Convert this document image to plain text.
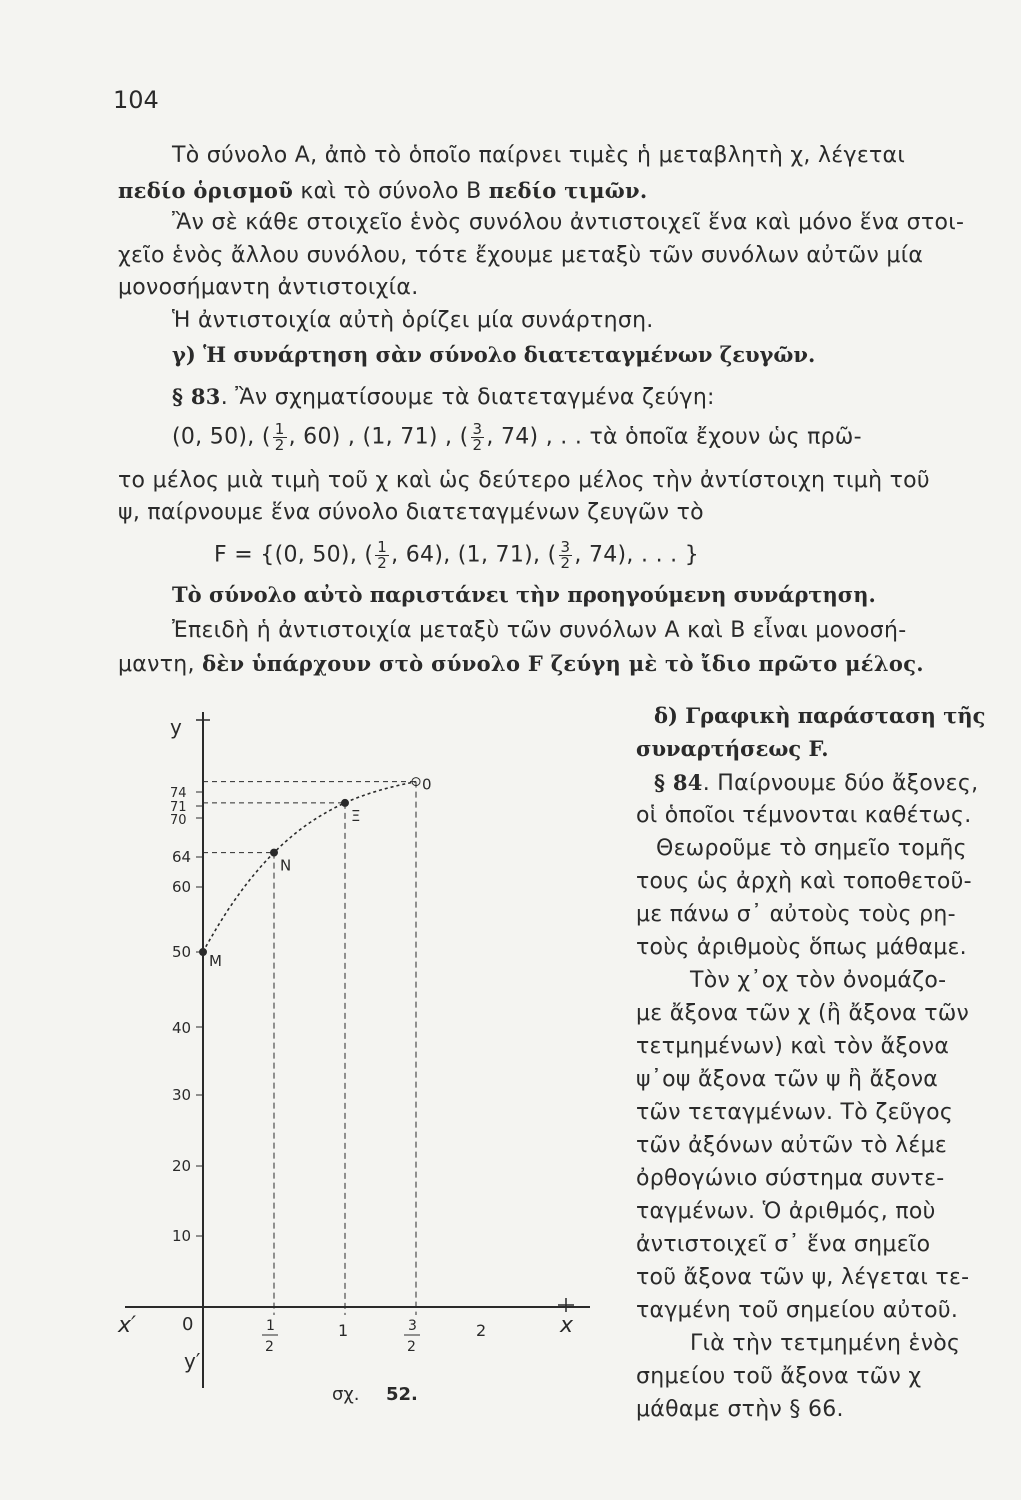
104
Τὸ σύνολο Α, ἀπὸ τὸ ὁποῖο παίρνει τιμὲς ἡ μεταβλητὴ χ, λέγεται
πεδίο ὁρισμοῦ καὶ τὸ σύνολο Β πεδίο τιμῶν.
Ἂν σὲ κάθε στοιχεῖο ἑνὸς συνόλου ἀντιστοιχεῖ ἕνα καὶ μόνο ἕνα στοι-
χεῖο ἑνὸς ἄλλου συνόλου, τότε ἔχουμε μεταξὺ τῶν συνόλων αὐτῶν μία
μονοσήμαντη ἀντιστοιχία.
Ἡ ἀντιστοιχία αὐτὴ ὁρίζει μία συνάρτηση.
γ) Ἡ συνάρτηση σὰν σύνολο διατεταγμένων ζευγῶν.
§ 83. Ἂν σχηματίσουμε τὰ διατεταγμένα ζεύγη:
(0, 50), ( $\frac{1}{2}$ , 60) , (1, 71) , ( $\frac{3}{2}$ , 74) , . . τὰ ὁποῖα ἔχουν ὡς πρῶ-
το μέλος μιὰ τιμὴ τοῦ χ καὶ ὡς δεύτερο μέλος τὴν ἀντίστοιχη τιμὴ τοῦ
ψ, παίρνουμε ἕνα σύνολο διατεταγμένων ζευγῶν τὸ
F = {(0, 50), ( $\frac{1}{2}$ , 64), (1, 71), ( $\frac{3}{2}$ , 74), . . . }
Τὸ σύνολο αὐτὸ παριστάνει τὴν προηγούμενη συνάρτηση.
Ἐπειδὴ ἡ ἀντιστοιχία μεταξὺ τῶν συνόλων Α καὶ Β εἶναι μονοσή-
μαντη, δὲν ὑπάρχουν στὸ σύνολο F ζεύγη μὲ τὸ ἴδιο πρῶτο μέλος.
δ) Γραφικὴ παράσταση τῆς
συναρτήσεως F.
§ 84. Παίρνουμε δύο ἄξονες,
οἱ ὁποῖοι τέμνονται καθέτως.
Θεωροῦμε τὸ σημεῖο τομῆς
τους ὡς ἀρχὴ καὶ τοποθετοῦ-
με πάνω σ᾽ αὐτοὺς τοὺς ρη-
τοὺς ἀριθμοὺς ὅπως μάθαμε.
Τὸν χ᾽οχ τὸν ὀνομάζο-
με ἄξονα τῶν χ (ἢ ἄξονα τῶν
τετμημένων) καὶ τὸν ἄξονα
ψ᾽οψ ἄξονα τῶν ψ ἢ ἄξονα
τῶν τεταγμένων. Τὸ ζεῦγος
τῶν ἀξόνων αὐτῶν τὸ λέμε
ὀρθογώνιο σύστημα συντε-
ταγμένων. Ὁ ἀριθμός, ποὺ
ἀντιστοιχεῖ σ᾽ ἕνα σημεῖο
τοῦ ἄξονα τῶν ψ, λέγεται τε-
ταγμένη τοῦ σημείου αὐτοῦ.
Γιὰ τὴν τετμημένη ἑνὸς
σημείου τοῦ ἄξονα τῶν χ
μάθαμε στὴν § 66.
y
y′
x
x′	0
74
71
70
64
60
50
40
30
20
10
1
2
1	3
2
2
M
N
Ξ
0
σχ. 52.
